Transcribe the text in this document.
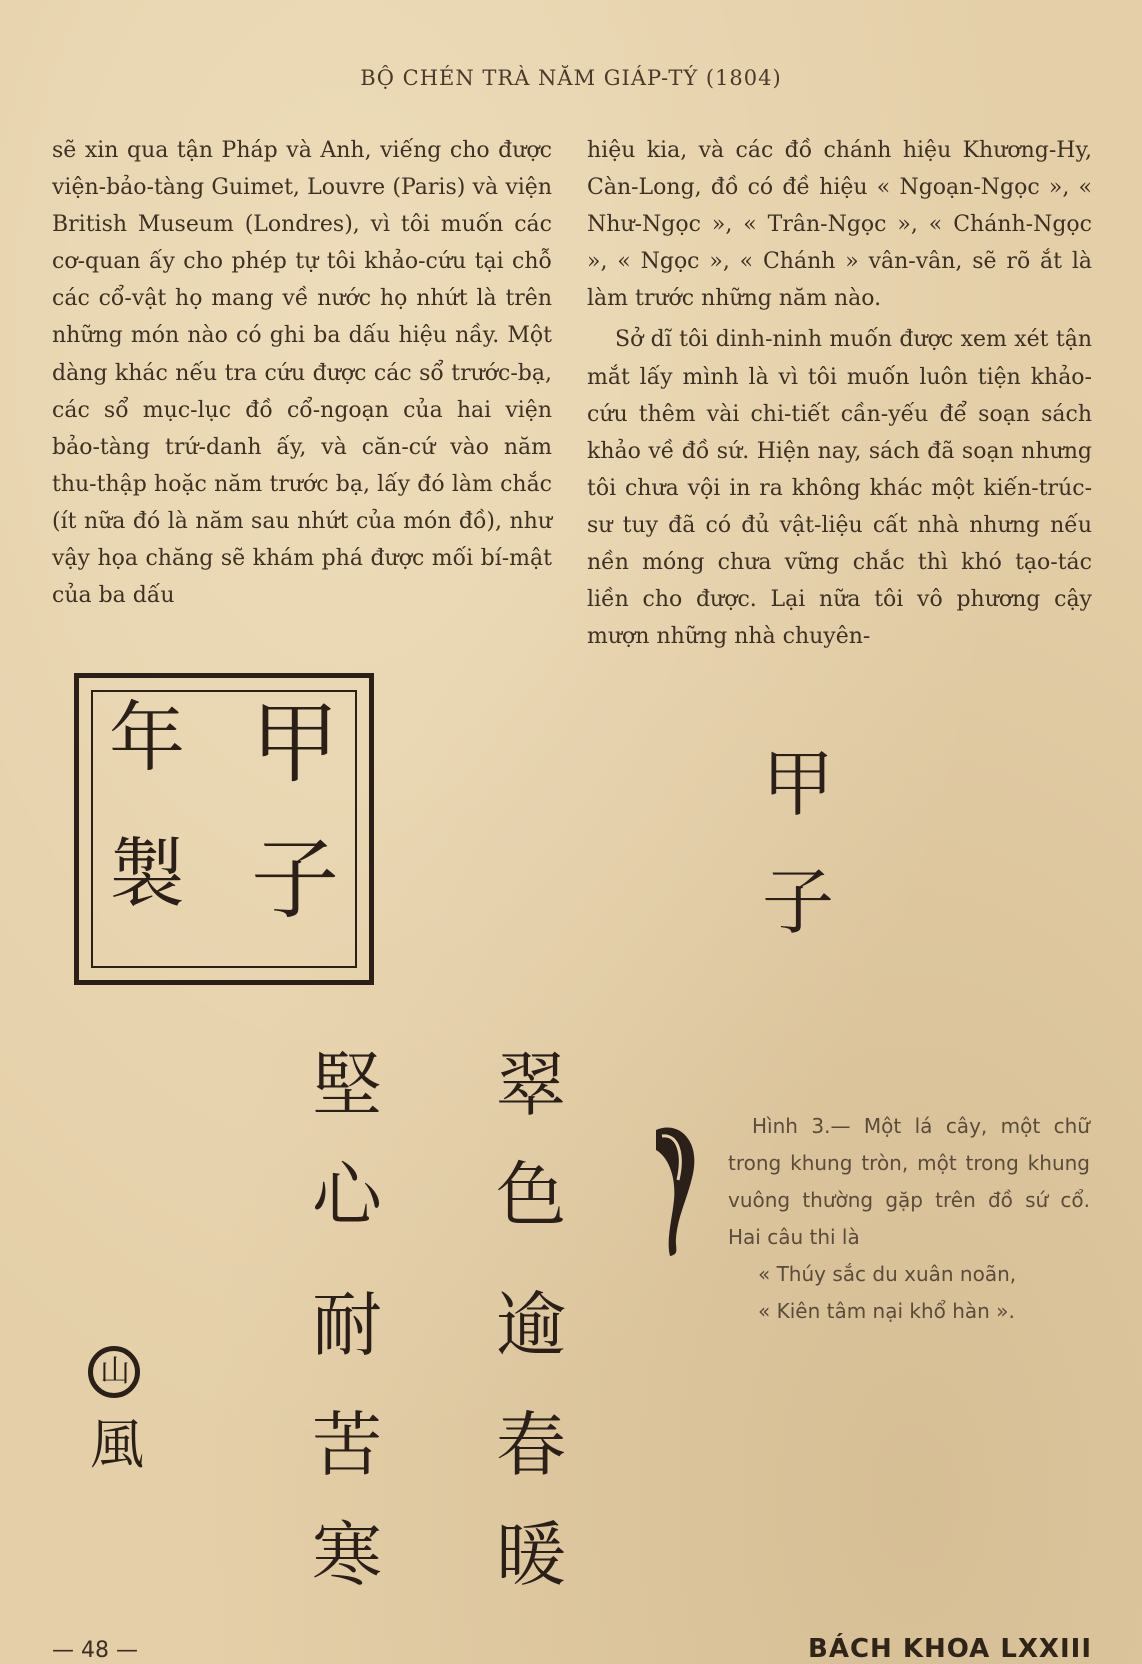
BỘ CHÉN TRÀ NĂM GIÁP-TÝ (1804)

sẽ xin qua tận Pháp và Anh, viếng cho được viện-bảo-tàng Guimet, Louvre (Paris) và viện British Museum (Londres), vì tôi muốn các cơ-quan ấy cho phép tự tôi khảo-cứu tại chỗ các cổ-vật họ mang về nước họ nhứt là trên những món nào có ghi ba dấu hiệu nầy. Một dàng khác nếu tra cứu được các sổ trước-bạ, các sổ mục-lục đồ cổ-ngoạn của hai viện bảo-tàng trứ-danh ấy, và căn-cứ vào năm thu-thập hoặc năm trước bạ, lấy đó làm chắc (ít nữa đó là năm sau nhứt của món đồ), như vậy họa chăng sẽ khám phá được mối bí-mật của ba dấu

hiệu kia, và các đồ chánh hiệu Khương-Hy, Càn-Long, đồ có đề hiệu « Ngoạn-Ngọc », « Như-Ngọc », « Trân-Ngọc », « Chánh-Ngọc », « Ngọc », « Chánh » vân-vân, sẽ rõ ắt là làm trước những năm nào.

Sở dĩ tôi dinh-ninh muốn được xem xét tận mắt lấy mình là vì tôi muốn luôn tiện khảo-cứu thêm vài chi-tiết cần-yếu để soạn sách khảo về đồ sứ. Hiện nay, sách đã soạn nhưng tôi chưa vội in ra không khác một kiến-trúc-sư tuy đã có đủ vật-liệu cất nhà nhưng nếu nền móng chưa vững chắc thì khó tạo-tác liền cho được. Lại nữa tôi vô phương cậy mượn những nhà chuyên-

甲
子
年
製
甲
子
山
風
堅
心
耐
苦
寒
翠
色
逾
春
暖

Hình 3.— Một lá cây, một chữ trong khung tròn, một trong khung vuông thường gặp trên đồ sứ cổ. Hai câu thi là

« Thúy sắc du xuân noãn,

« Kiên tâm nại khổ hàn ».

— 48 —	BÁCH KHOA LXXIII
